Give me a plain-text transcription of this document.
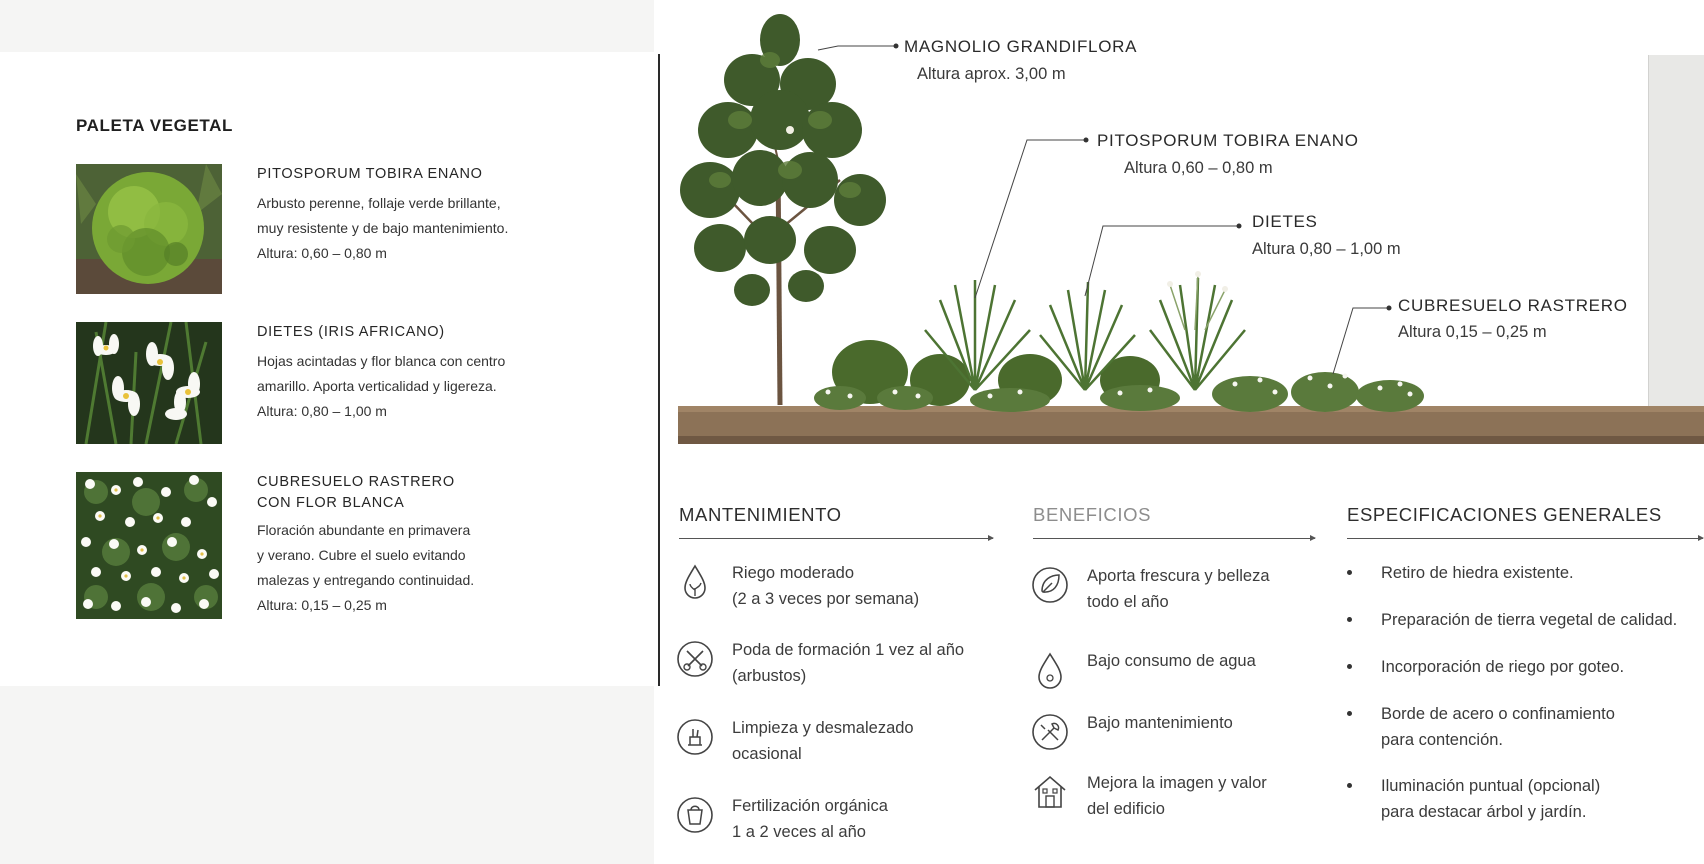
PALETA VEGETAL
PITOSPORUM TOBIRA ENANO
Arbusto perenne, follaje verde brillante,
muy resistente y de bajo mantenimiento.
Altura: 0,60 – 0,80 m
DIETES (IRIS AFRICANO)
Hojas acintadas y flor blanca con centro
amarillo. Aporta verticalidad y ligereza.
Altura: 0,80 – 1,00 m
CUBRESUELO RASTRERO
CON FLOR BLANCA
Floración abundante en primavera
y verano. Cubre el suelo evitando
malezas y entregando continuidad.
Altura: 0,15 – 0,25 m
MAGNOLIO GRANDIFLORA
Altura aprox. 3,00 m
PITOSPORUM TOBIRA ENANO
Altura 0,60 – 0,80 m
DIETES
Altura 0,80 – 1,00 m
CUBRESUELO RASTRERO
Altura 0,15 – 0,25 m
MANTENIMIENTO
Riego moderado
(2 a 3 veces por semana)
Poda de formación 1 vez al año
(arbustos)
Limpieza y desmalezado
ocasional
Fertilización orgánica
1 a 2 veces al año
BENEFICIOS
Aporta frescura y belleza
todo el año
Bajo consumo de agua
Bajo mantenimiento
Mejora la imagen y valor
del edificio
ESPECIFICACIONES GENERALES
Retiro de hiedra existente.
Preparación de tierra vegetal de calidad.
Incorporación de riego por goteo.
Borde de acero o confinamiento
para contención.
Iluminación puntual (opcional)
para destacar árbol y jardín.
